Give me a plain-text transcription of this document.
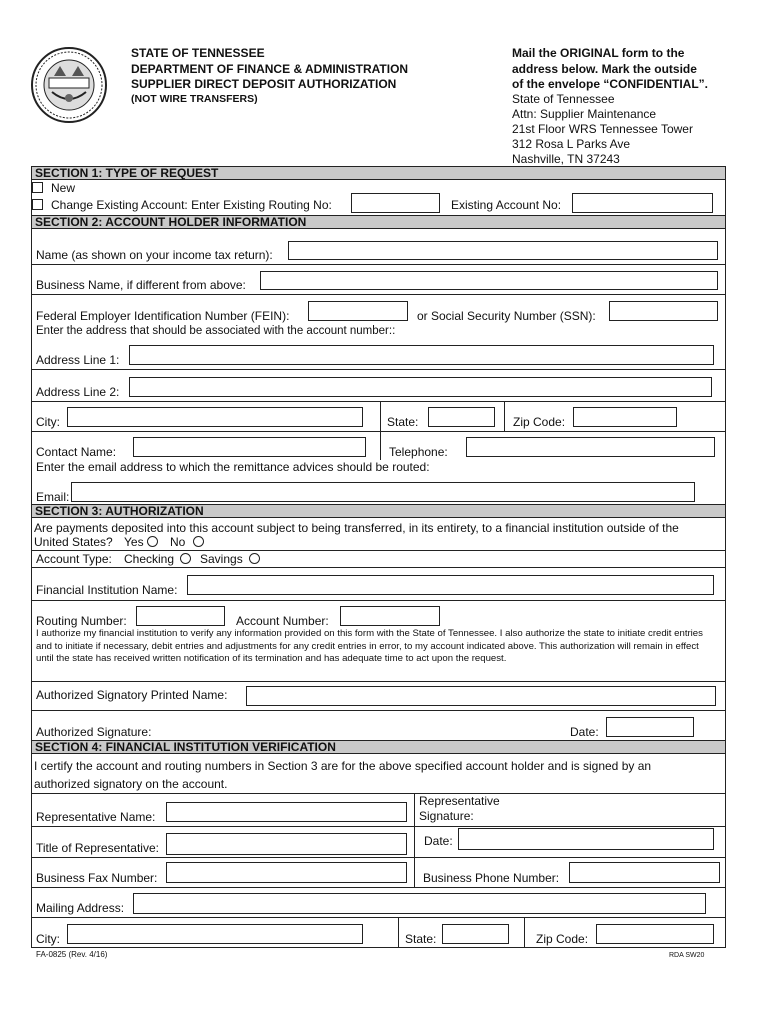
STATE OF TENNESSEE
DEPARTMENT OF FINANCE & ADMINISTRATION
SUPPLIER DIRECT DEPOSIT AUTHORIZATION
(NOT WIRE TRANSFERS)
Mail the ORIGINAL form to the
address below. Mark the outside
of the envelope “CONFIDENTIAL”.
State of Tennessee
Attn: Supplier Maintenance
21st Floor WRS Tennessee Tower
312 Rosa L Parks Ave
Nashville, TN 37243
SECTION 1: TYPE OF REQUEST
New
Change Existing Account: Enter Existing Routing No:	Existing Account No:
SECTION 2: ACCOUNT HOLDER INFORMATION
Name (as shown on your income tax return):
Business Name, if different from above:
Federal Employer Identification Number (FEIN):	or Social Security Number (SSN):
Enter the address that should be associated with the account number::
Address Line 1:
Address Line 2:
City:	State:	Zip Code:
Contact Name:	Telephone:
Enter the email address to which the remittance advices should be routed:
Email:
SECTION 3: AUTHORIZATION
Are payments deposited into this account subject to being transferred, in its entirety, to a financial institution outside of the
United States? Yes No
Account Type: Checking Savings
Financial Institution Name:
Routing Number:	Account Number:
I authorize my financial institution to verify any information provided on this form with the State of Tennessee. I also authorize the state to initiate credit entries and to initiate if necessary, debit entries and adjustments for any credit entries in error, to my account indicated above. This authorization will remain in effect until the state has received written notification of its termination and has adequate time to act upon the request.
Authorized Signatory Printed Name:
Authorized Signature:	Date:
SECTION 4: FINANCIAL INSTITUTION VERIFICATION
I certify the account and routing numbers in Section 3 are for the above specified account holder and is signed by an
authorized signatory on the account.
Representative Name:
Representative
Signature:
Title of Representative:	Date:
Business Fax Number:	Business Phone Number:
Mailing Address:
City:	State:	Zip Code:
FA-0825 (Rev. 4/16)	RDA SW20
